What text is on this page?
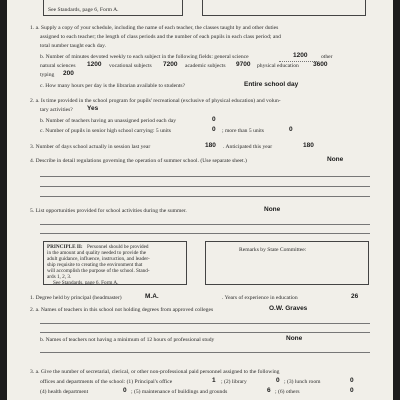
See Standards, page 6, Form A.
1. a. Supply a copy of your schedule, including the name of each teacher, the classes taught by and other duties
assigned to each teacher; the length of class periods and the number of each pupils in each class period; and
total number taught each day.
b. Number of minutes devoted weekly to each subject in the following fields: general science	1200 other
natural sciences 1200 vocational subjects 7200 academic subjects 9700 physical education 3600
typing 200
c. How many hours per day is the librarian available to students?	Entire school day
2. a. Is time provided in the school program for pupils' recreational (exclusive of physical education) and volun-
tary activities? Yes
b. Number of teachers having an unassigned period each day	0
c. Number of pupils in senior high school carrying: 5 units	0 ; more than 5 units	0
3. Number of days school actually in session last year	180 . Anticipated this year	180
4. Describe in detail regulations governing the operation of summer school. (Use separate sheet.)	None
5. List opportunities provided for school activities during the summer.	None
PRINCIPLE II: Personnel should be provided
in the amount and quality needed to provide the
adult guidance, influence, instruction, and leader-
ship requisite to creating the environment that
will accomplish the purpose of the school. Stand-
ards 1, 2, 3.
See Standards, page 6, Form A.
Remarks by State Committee:
1. Degree held by principal (headmaster)	M.A.	. Years of experience in education	26
2. a. Names of teachers in this school not holding degrees from approved colleges	O.W. Graves
b. Names of teachers not having a minimum of 12 hours of professional study	None
3. a. Give the number of secretarial, clerical, or other non-professional paid personnel assigned to the following
offices and departments of the school: (1) Principal's office	1 ; (2) library	0 ; (3) lunch room	0
(4) health department	0 ; (5) maintenance of buildings and grounds	6 ; (6) others	0
